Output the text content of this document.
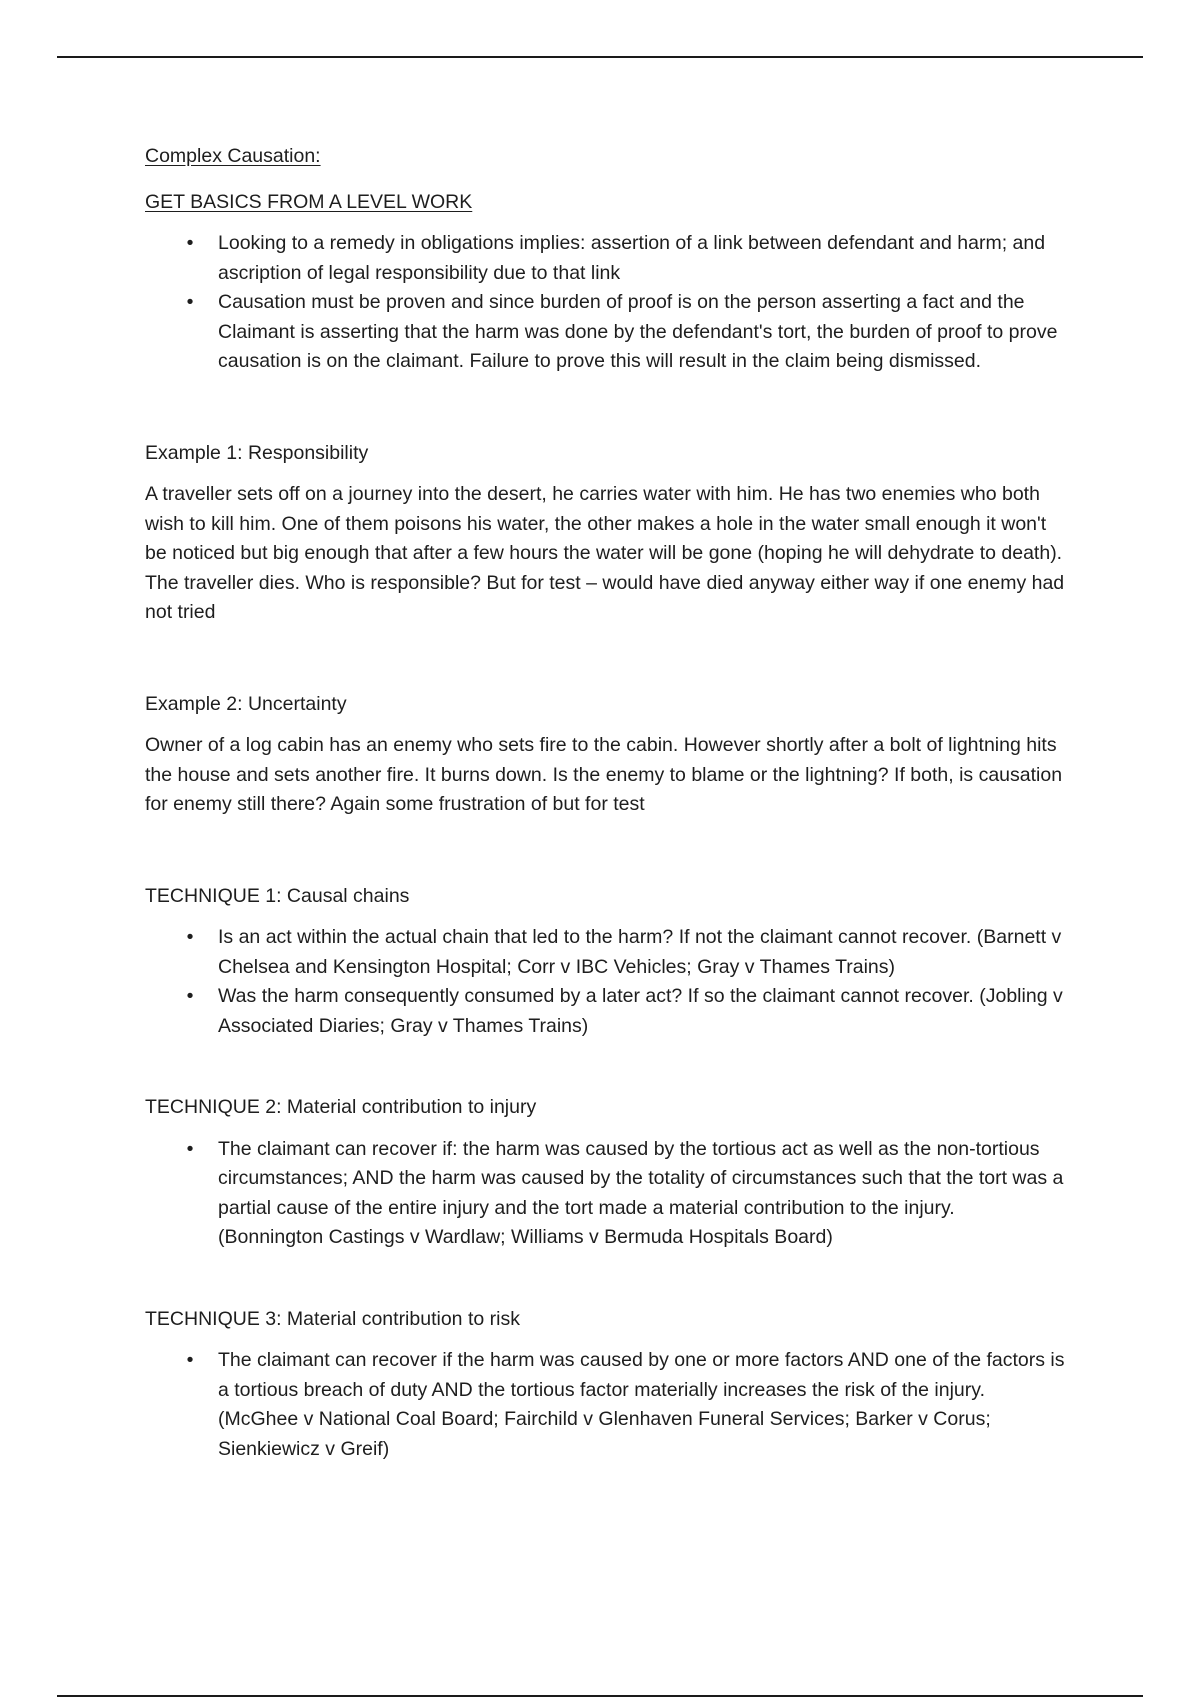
Complex Causation:

GET BASICS FROM A LEVEL WORK

• Looking to a remedy in obligations implies: assertion of a link between defendant and harm; and ascription of legal responsibility due to that link
• Causation must be proven and since burden of proof is on the person asserting a fact and the Claimant is asserting that the harm was done by the defendant's tort, the burden of proof to prove causation is on the claimant. Failure to prove this will result in the claim being dismissed.

Example 1: Responsibility

A traveller sets off on a journey into the desert, he carries water with him. He has two enemies who both wish to kill him. One of them poisons his water, the other makes a hole in the water small enough it won't be noticed but big enough that after a few hours the water will be gone (hoping he will dehydrate to death). The traveller dies. Who is responsible? But for test – would have died anyway either way if one enemy had not tried

Example 2: Uncertainty

Owner of a log cabin has an enemy who sets fire to the cabin. However shortly after a bolt of lightning hits the house and sets another fire. It burns down. Is the enemy to blame or the lightning? If both, is causation for enemy still there? Again some frustration of but for test

TECHNIQUE 1: Causal chains

• Is an act within the actual chain that led to the harm? If not the claimant cannot recover. (Barnett v Chelsea and Kensington Hospital; Corr v IBC Vehicles; Gray v Thames Trains)
• Was the harm consequently consumed by a later act? If so the claimant cannot recover. (Jobling v Associated Diaries; Gray v Thames Trains)

TECHNIQUE 2: Material contribution to injury

• The claimant can recover if: the harm was caused by the tortious act as well as the non-tortious circumstances; AND the harm was caused by the totality of circumstances such that the tort was a partial cause of the entire injury and the tort made a material contribution to the injury. (Bonnington Castings v Wardlaw; Williams v Bermuda Hospitals Board)

TECHNIQUE 3: Material contribution to risk

• The claimant can recover if the harm was caused by one or more factors AND one of the factors is a tortious breach of duty AND the tortious factor materially increases the risk of the injury. (McGhee v National Coal Board; Fairchild v Glenhaven Funeral Services; Barker v Corus; Sienkiewicz v Greif)
